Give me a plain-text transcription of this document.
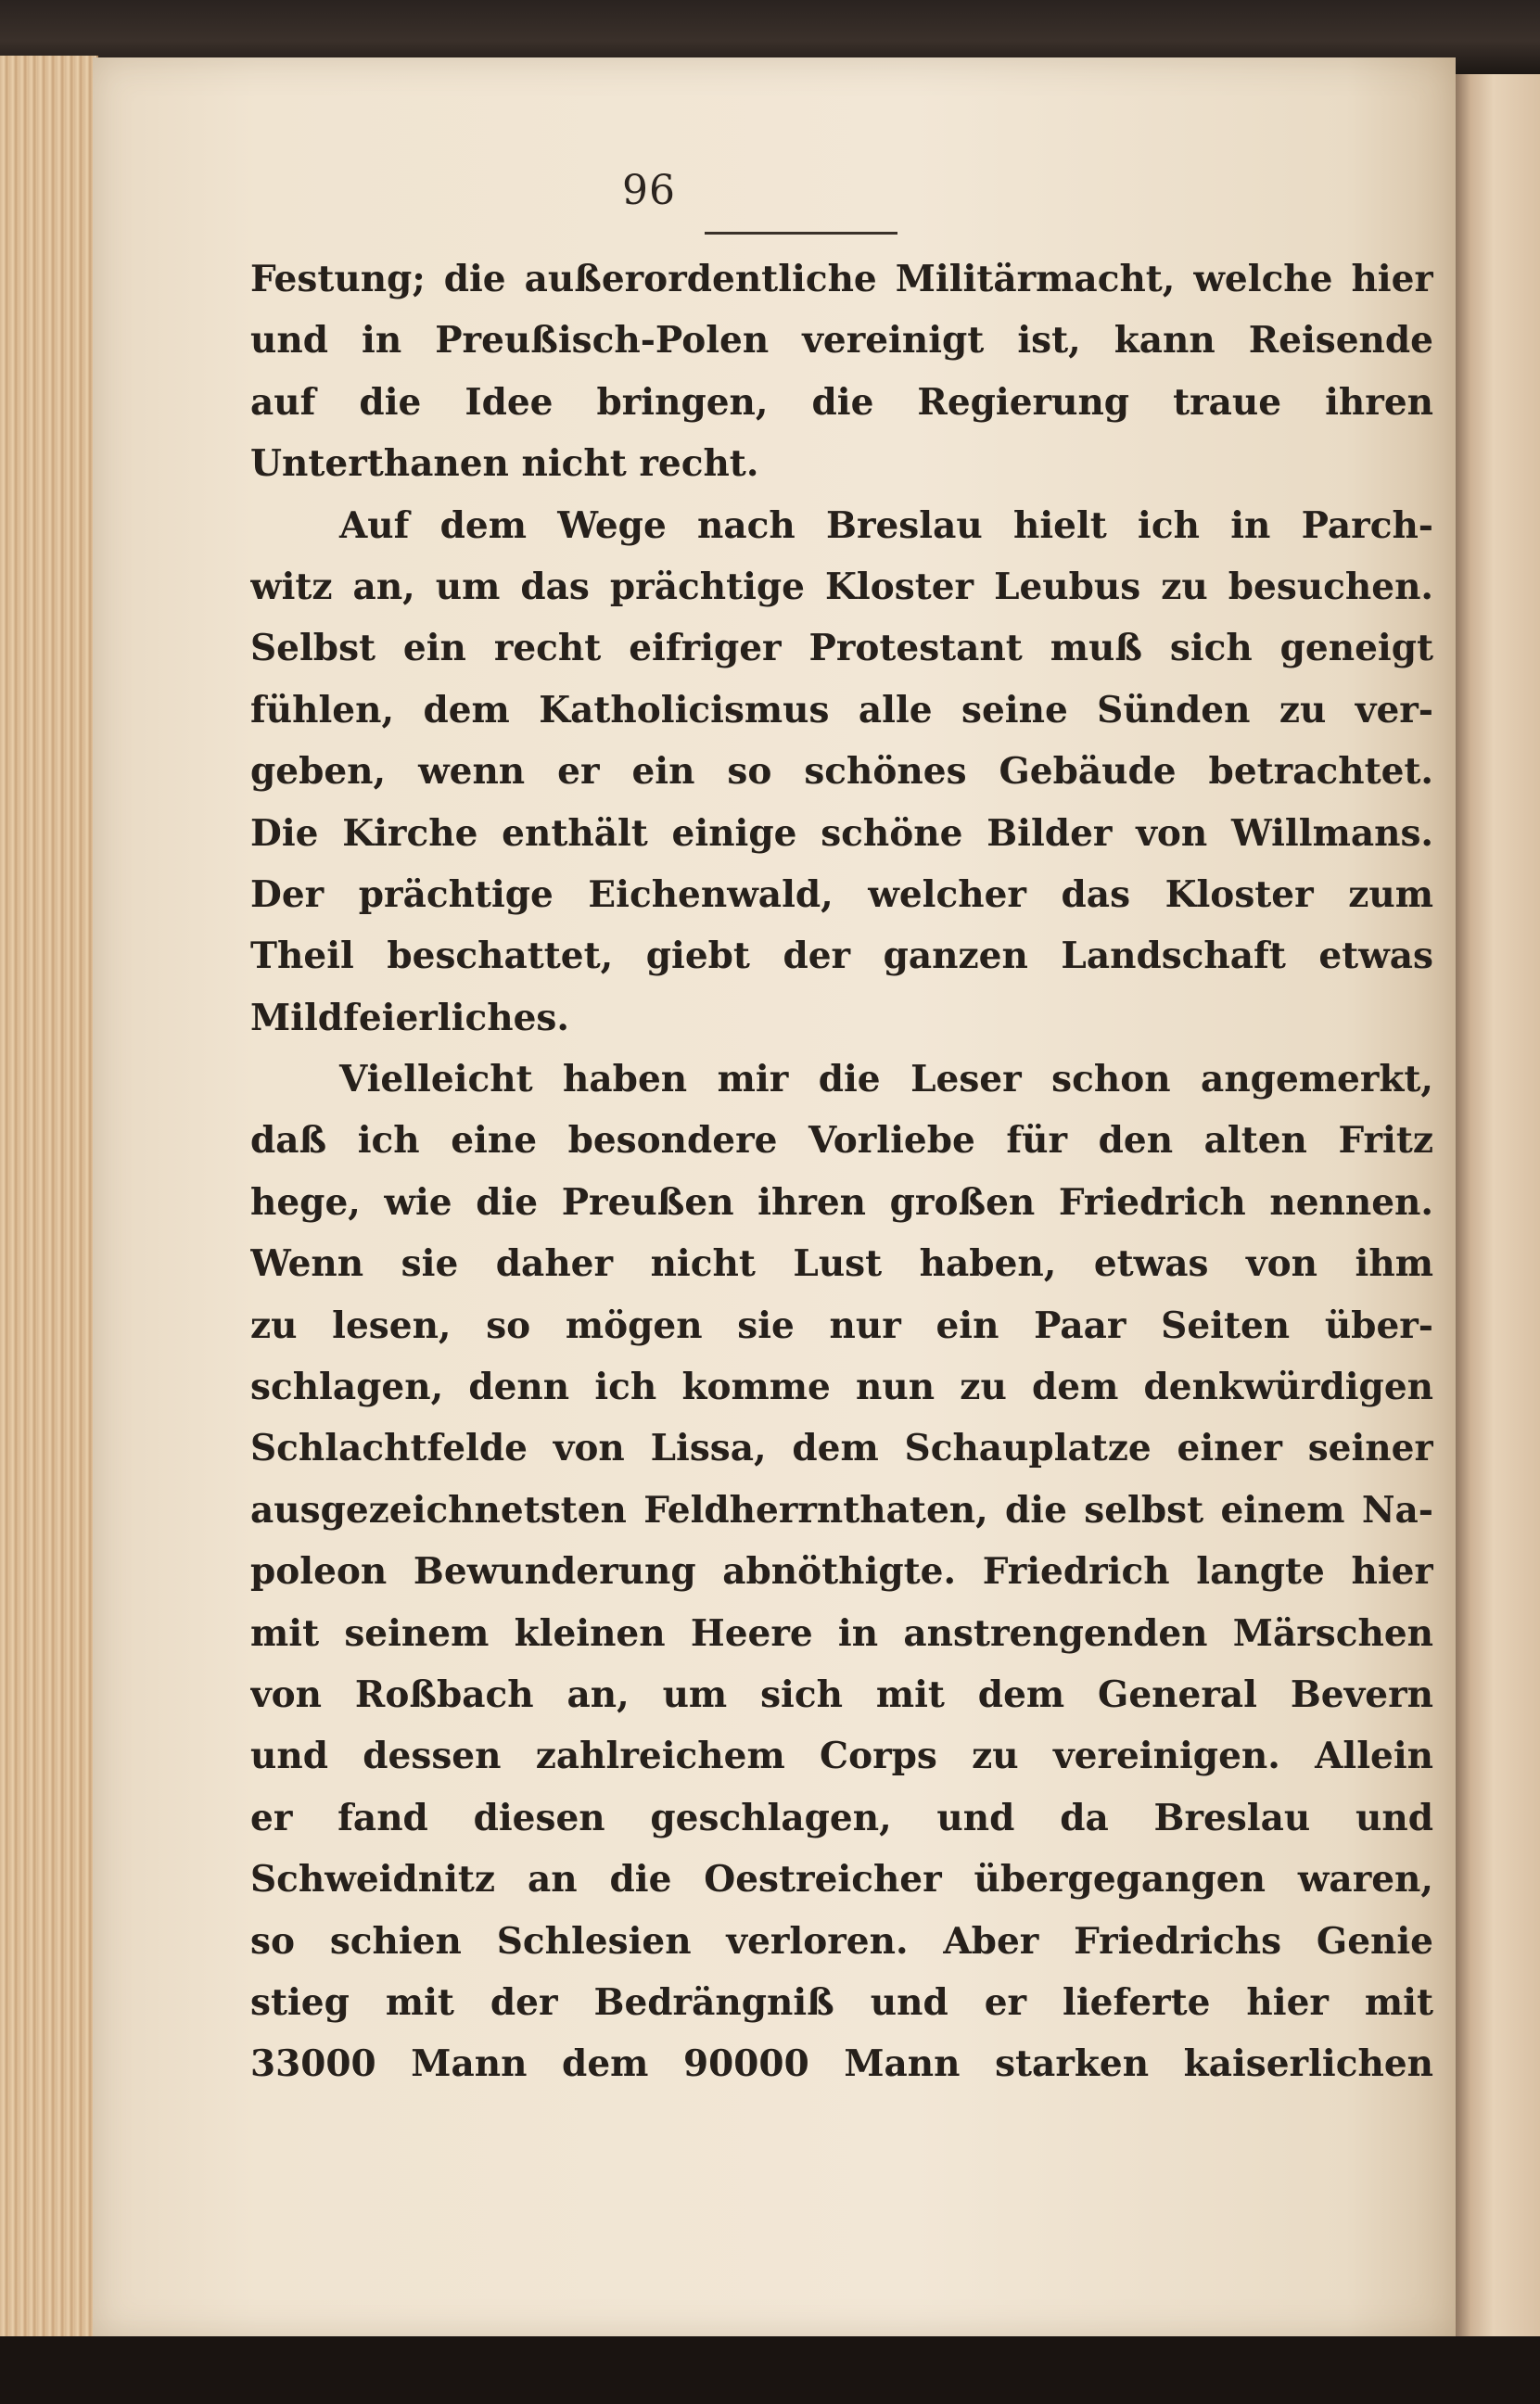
96
Festung; die außerordentliche Militärmacht, welche hier
und in Preußisch-Polen vereinigt ist, kann Reisende
auf die Idee bringen, die Regierung traue ihren
Unterthanen nicht recht.
Auf dem Wege nach Breslau hielt ich in Parch-
witz an, um das prächtige Kloster Leubus zu besuchen.
Selbst ein recht eifriger Protestant muß sich geneigt
fühlen, dem Katholicismus alle seine Sünden zu ver-
geben, wenn er ein so schönes Gebäude betrachtet.
Die Kirche enthält einige schöne Bilder von Willmans.
Der prächtige Eichenwald, welcher das Kloster zum
Theil beschattet, giebt der ganzen Landschaft etwas
Mildfeierliches.
Vielleicht haben mir die Leser schon angemerkt,
daß ich eine besondere Vorliebe für den alten Fritz
hege, wie die Preußen ihren großen Friedrich nennen.
Wenn sie daher nicht Lust haben, etwas von ihm
zu lesen, so mögen sie nur ein Paar Seiten über-
schlagen, denn ich komme nun zu dem denkwürdigen
Schlachtfelde von Lissa, dem Schauplatze einer seiner
ausgezeichnetsten Feldherrnthaten, die selbst einem Na-
poleon Bewunderung abnöthigte. Friedrich langte hier
mit seinem kleinen Heere in anstrengenden Märschen
von Roßbach an, um sich mit dem General Bevern
und dessen zahlreichem Corps zu vereinigen. Allein
er fand diesen geschlagen, und da Breslau und
Schweidnitz an die Oestreicher übergegangen waren,
so schien Schlesien verloren. Aber Friedrichs Genie
stieg mit der Bedrängniß und er lieferte hier mit
33000 Mann dem 90000 Mann starken kaiserlichen
